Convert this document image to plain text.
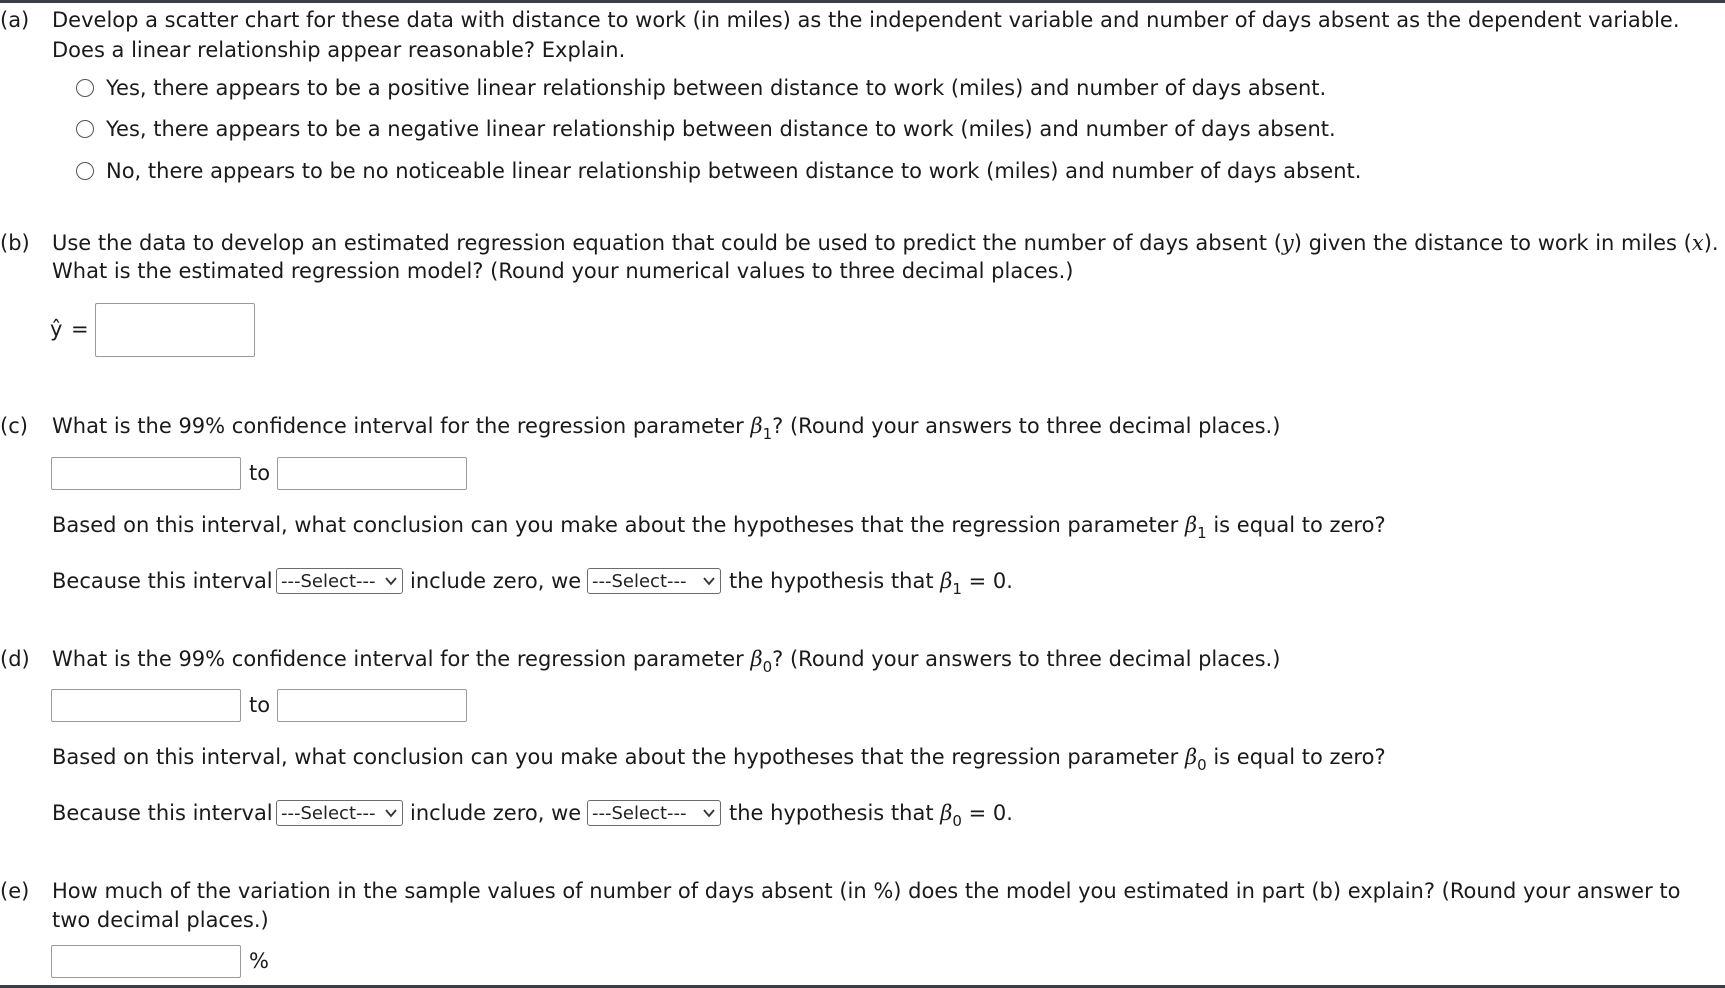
(a) Develop a scatter chart for these data with distance to work (in miles) as the independent variable and number of days absent as the dependent variable.
Does a linear relationship appear reasonable? Explain.
Yes, there appears to be a positive linear relationship between distance to work (miles) and number of days absent.
Yes, there appears to be a negative linear relationship between distance to work (miles) and number of days absent.
No, there appears to be no noticeable linear relationship between distance to work (miles) and number of days absent.
(b) Use the data to develop an estimated regression equation that could be used to predict the number of days absent (y) given the distance to work in miles (x).
What is the estimated regression model? (Round your numerical values to three decimal places.)
ŷ =
(c) What is the 99% confidence interval for the regression parameter $\beta_1$? (Round your answers to three decimal places.)
to
Based on this interval, what conclusion can you make about the hypotheses that the regression parameter $\beta_1$ is equal to zero?
Because this interval ---Select--- include zero, we ---Select--- the hypothesis that $\beta_1 = 0$.
(d) What is the 99% confidence interval for the regression parameter $\beta_0$? (Round your answers to three decimal places.)
to
Based on this interval, what conclusion can you make about the hypotheses that the regression parameter $\beta_0$ is equal to zero?
Because this interval ---Select--- include zero, we ---Select--- the hypothesis that $\beta_0 = 0$.
(e) How much of the variation in the sample values of number of days absent (in %) does the model you estimated in part (b) explain? (Round your answer to
two decimal places.)
%
